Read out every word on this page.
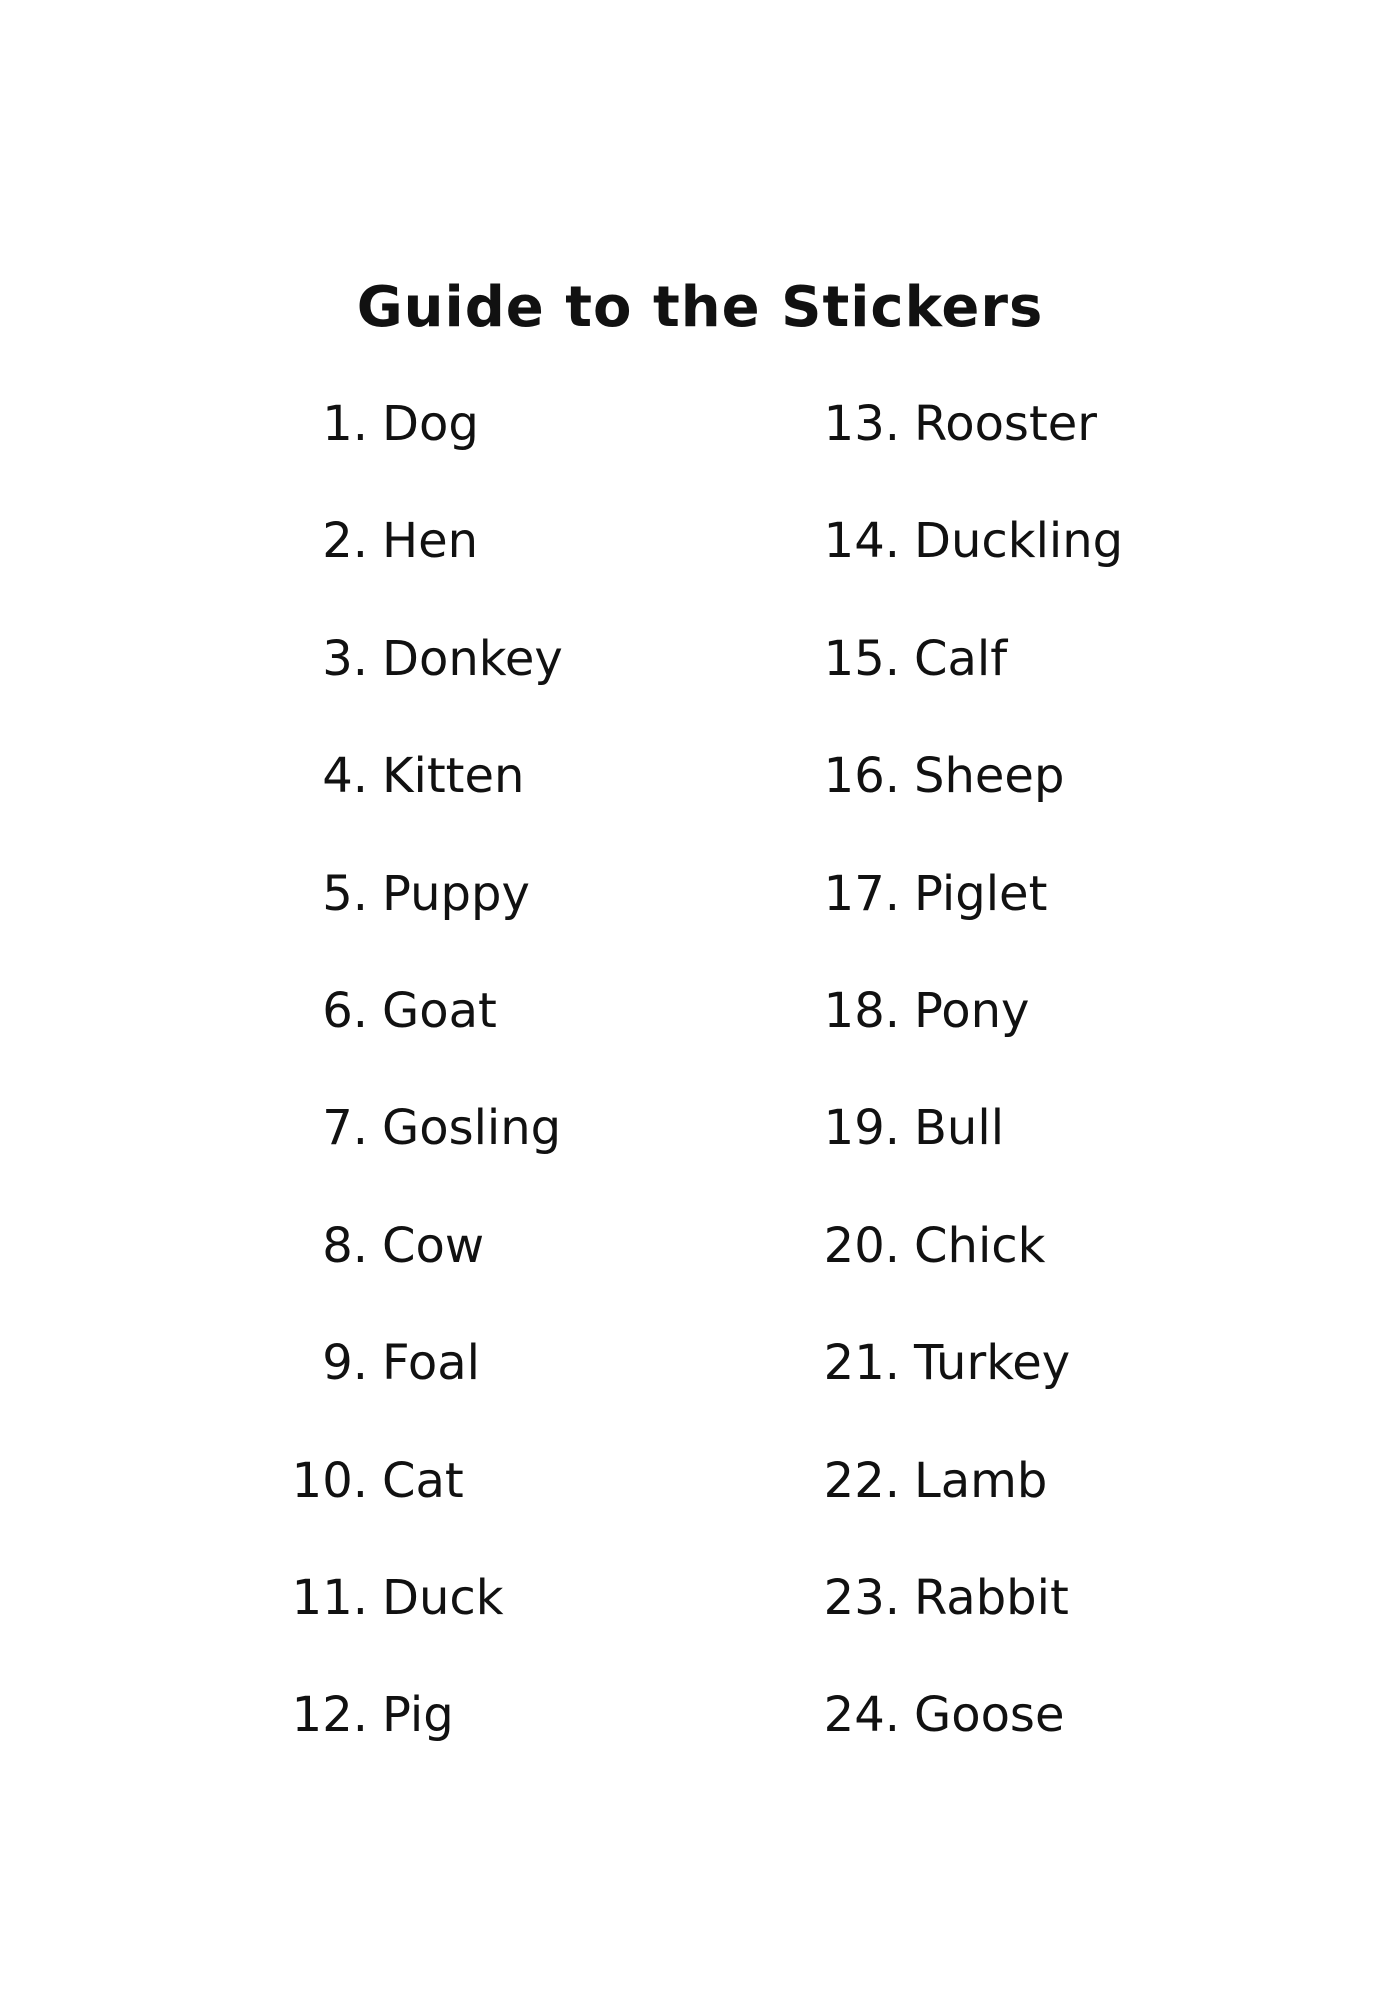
Guide to the Stickers
1. Dog
2. Hen
3. Donkey
4. Kitten
5. Puppy
6. Goat
7. Gosling
8. Cow
9. Foal
10. Cat
11. Duck
12. Pig
13. Rooster
14. Duckling
15. Calf
16. Sheep
17. Piglet
18. Pony
19. Bull
20. Chick
21. Turkey
22. Lamb
23. Rabbit
24. Goose
